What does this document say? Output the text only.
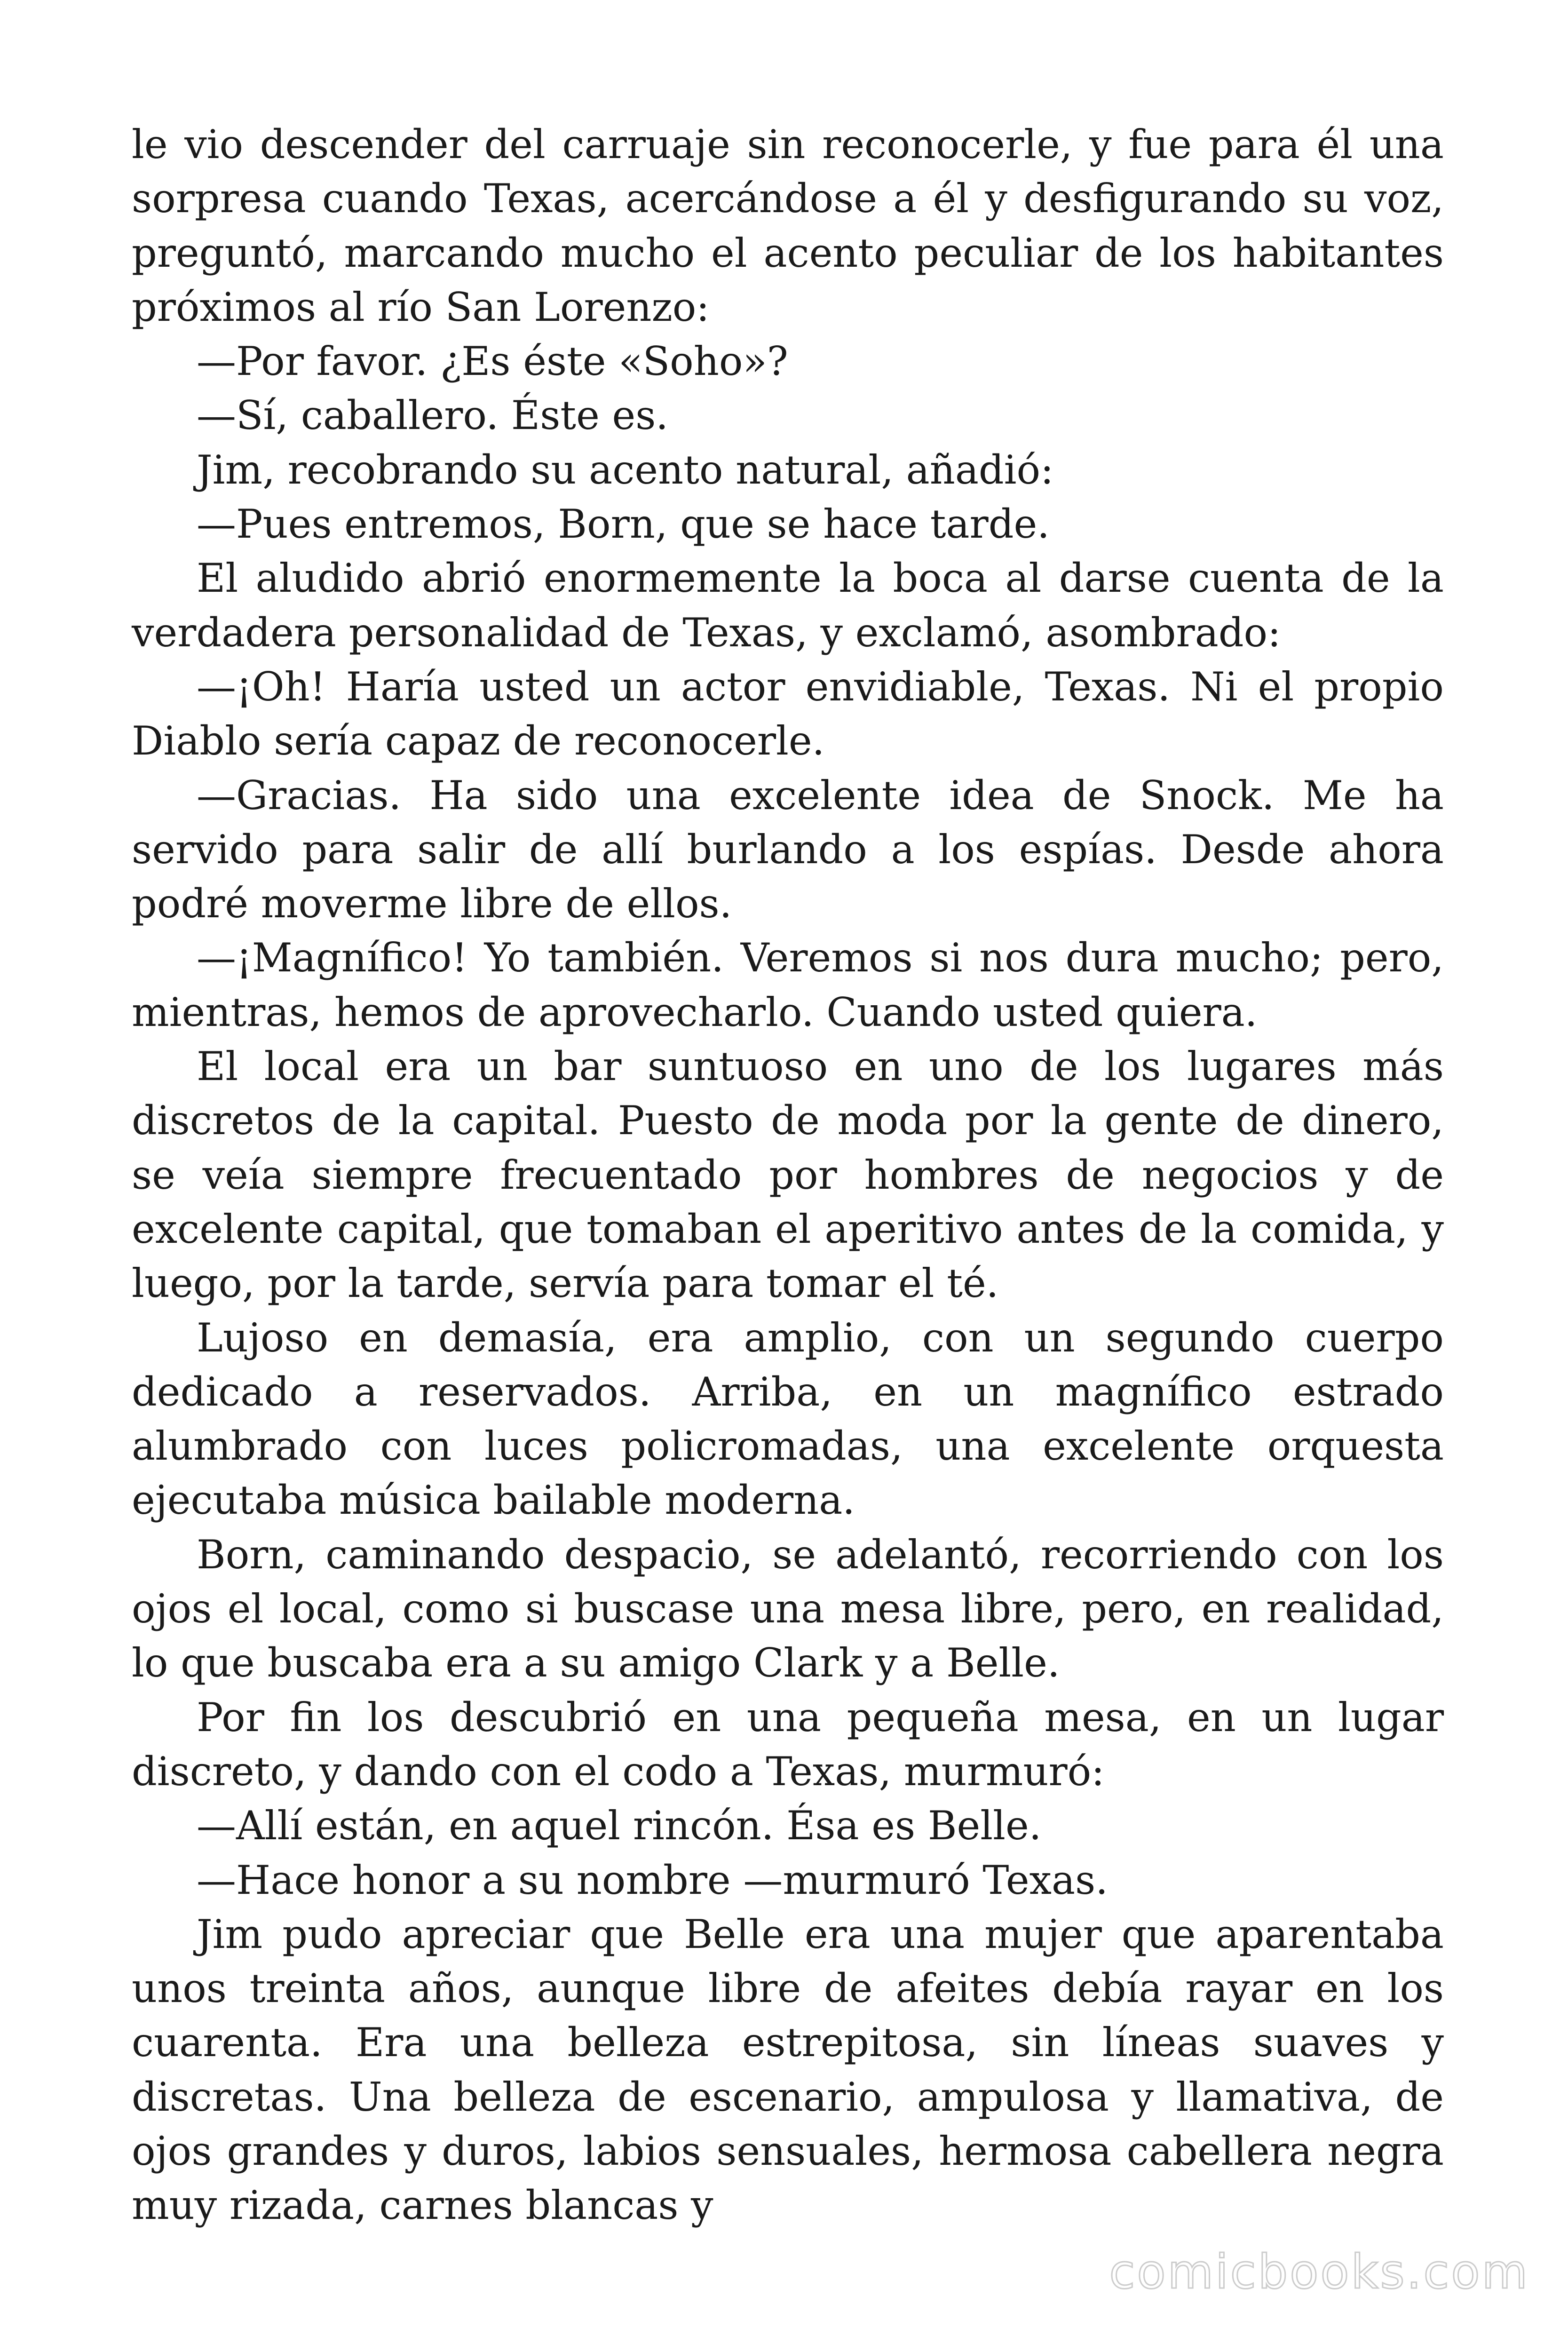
le vio descender del carruaje sin reconocerle, y fue para él una sorpresa cuando Texas, acercándose a él y desfigurando su voz, preguntó, marcando mucho el acento peculiar de los habitantes próximos al río San Lorenzo:

—Por favor. ¿Es éste «Soho»?

—Sí, caballero. Éste es.

Jim, recobrando su acento natural, añadió:

—Pues entremos, Born, que se hace tarde.

El aludido abrió enormemente la boca al darse cuenta de la verdadera personalidad de Texas, y exclamó, asombrado:

—¡Oh! Haría usted un actor envidiable, Texas. Ni el propio Diablo sería capaz de reconocerle.

—Gracias. Ha sido una excelente idea de Snock. Me ha servido para salir de allí burlando a los espías. Desde ahora podré moverme libre de ellos.

—¡Magnífico! Yo también. Veremos si nos dura mucho; pero, mientras, hemos de aprovecharlo. Cuando usted quiera.

El local era un bar suntuoso en uno de los lugares más discretos de la capital. Puesto de moda por la gente de dinero, se veía siempre frecuentado por hombres de negocios y de excelente capital, que tomaban el aperitivo antes de la comida, y luego, por la tarde, servía para tomar el té.

Lujoso en demasía, era amplio, con un segundo cuerpo dedicado a reservados. Arriba, en un magnífico estrado alumbrado con luces policromadas, una excelente orquesta ejecutaba música bailable moderna.

Born, caminando despacio, se adelantó, recorriendo con los ojos el local, como si buscase una mesa libre, pero, en realidad, lo que buscaba era a su amigo Clark y a Belle.

Por fin los descubrió en una pequeña mesa, en un lugar discreto, y dando con el codo a Texas, murmuró:

—Allí están, en aquel rincón. Ésa es Belle.

—Hace honor a su nombre —murmuró Texas.

Jim pudo apreciar que Belle era una mujer que aparentaba unos treinta años, aunque libre de afeites debía rayar en los cuarenta. Era una belleza estrepitosa, sin líneas suaves y discretas. Una belleza de escenario, ampulosa y llamativa, de ojos grandes y duros, labios sensuales, hermosa cabellera negra muy rizada, carnes blancas y

comicbooks.com
